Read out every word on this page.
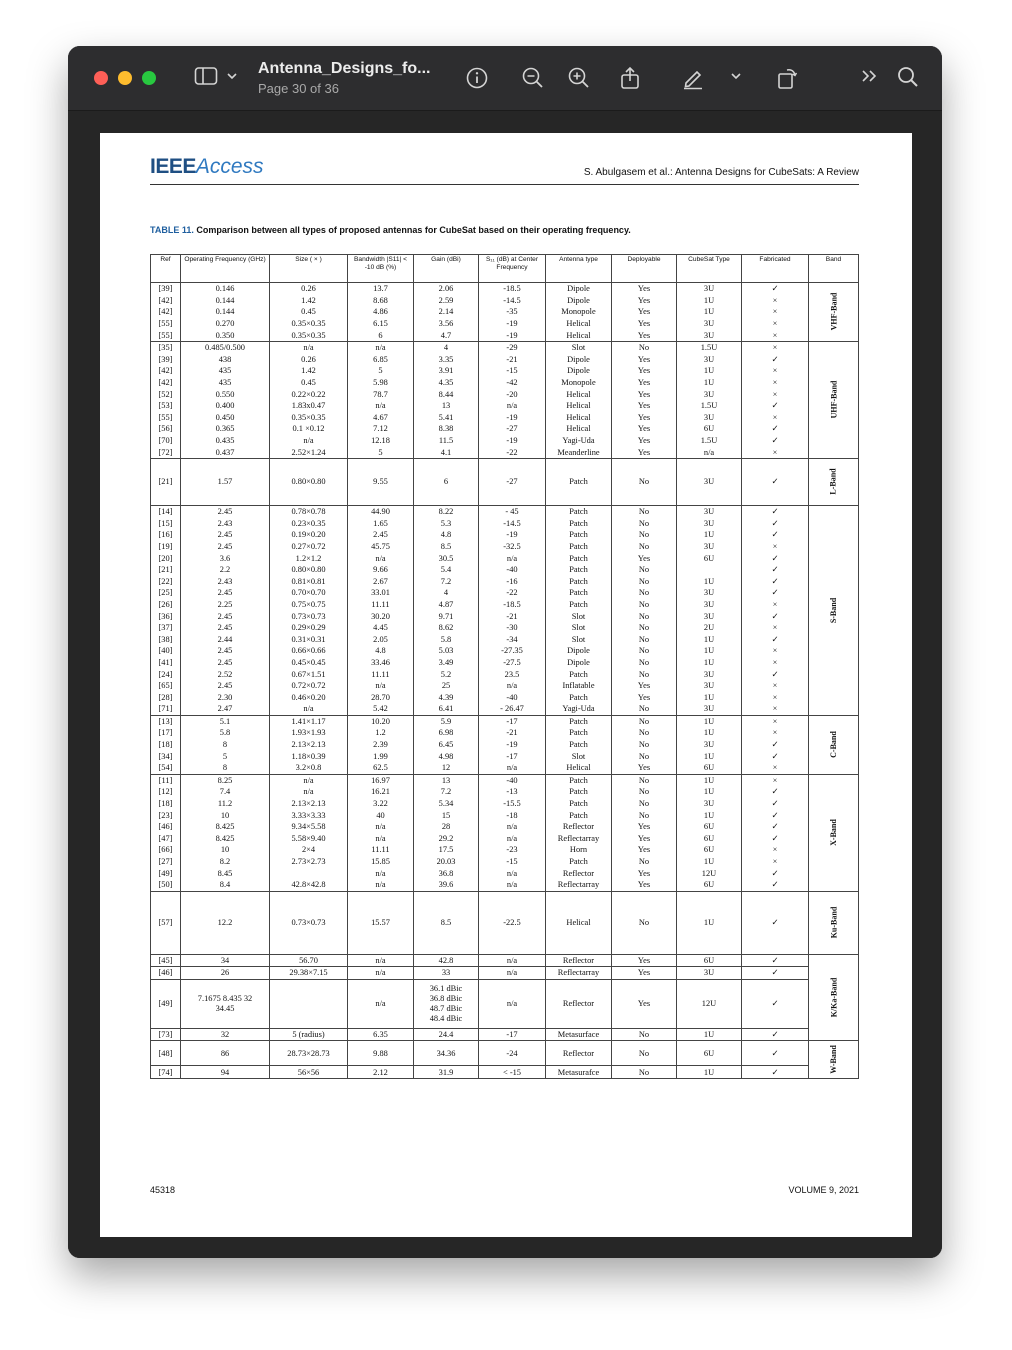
Antenna_Designs_fo...
Page 30 of 36
IEEEAccess	S. Abulgasem et al.: Antenna Designs for CubeSats: A Review
TABLE 11. Comparison between all types of proposed antennas for CubeSat based on their operating frequency.
Ref	Operating Frequency (GHz)	Size ( × )	Bandwidth |S11| < -10 dB (%)	Gain (dBi)	S₁₁ (dB) at Center Frequency	Antenna type	Deployable	CubeSat Type	Fabricated	Band
[39]	0.146	0.26	13.7	2.06	-18.5	Dipole	Yes	3U	✓	VHF-Band
[42]	0.144	1.42	8.68	2.59	-14.5	Dipole	Yes	1U	×	
[42]	0.144	0.45	4.86	2.14	-35	Monopole	Yes	1U	×	
[55]	0.270	0.35×0.35	6.15	3.56	-19	Helical	Yes	3U	×	
[55]	0.350	0.35×0.35	6	4.7	-19	Helical	Yes	3U	×	
[35]	0.485/0.500	n/a	n/a	4	-29	Slot	No	1.5U	×	UHF-Band
[39]	438	0.26	6.85	3.35	-21	Dipole	Yes	3U	✓	
[42]	435	1.42	5	3.91	-15	Dipole	Yes	1U	×	
[42]	435	0.45	5.98	4.35	-42	Monopole	Yes	1U	×	
[52]	0.550	0.22×0.22	78.7	8.44	-20	Helical	Yes	3U	×	
[53]	0.400	1.83x0.47	n/a	13	n/a	Helical	Yes	1.5U	✓	
[55]	0.450	0.35×0.35	4.67	5.41	-19	Helical	Yes	3U	×	
[56]	0.365	0.1 ×0.12	7.12	8.38	-27	Helical	Yes	6U	✓	
[70]	0.435	n/a	12.18	11.5	-19	Yagi-Uda	Yes	1.5U	✓	
[72]	0.437	2.52×1.24	5	4.1	-22	Meanderline	Yes	n/a	×	
[21]	1.57	0.80×0.80	9.55	6	-27	Patch	No	3U	✓	L-Band
[14]	2.45	0.78×0.78	44.90	8.22	- 45	Patch	No	3U	✓	S-Band
[15]	2.43	0.23×0.35	1.65	5.3	-14.5	Patch	No	3U	✓	
[16]	2.45	0.19×0.20	2.45	4.8	-19	Patch	No	1U	✓	
[19]	2.45	0.27×0.72	45.75	8.5	-32.5	Patch	No	3U	×	
[20]	3.6	1.2×1.2	n/a	30.5	n/a	Patch	Yes	6U	✓	
[21]	2.2	0.80×0.80	9.66	5.4	-40	Patch	No		✓	
[22]	2.43	0.81×0.81	2.67	7.2	-16	Patch	No	1U	✓	
[25]	2.45	0.70×0.70	33.01	4	-22	Patch	No	3U	✓	
[26]	2.25	0.75×0.75	11.11	4.87	-18.5	Patch	No	3U	×	
[36]	2.45	0.73×0.73	30.20	9.71	-21	Slot	No	3U	✓	
[37]	2.45	0.29×0.29	4.45	8.62	-30	Slot	No	2U	×	
[38]	2.44	0.31×0.31	2.05	5.8	-34	Slot	No	1U	✓	
[40]	2.45	0.66×0.66	4.8	5.03	-27.35	Dipole	No	1U	×	
[41]	2.45	0.45×0.45	33.46	3.49	-27.5	Dipole	No	1U	×	
[24]	2.52	0.67×1.51	11.11	5.2	23.5	Patch	No	3U	✓	
[65]	2.45	0.72×0.72	n/a	25	n/a	Inflatable	Yes	3U	×	
[28]	2.30	0.46×0.20	28.70	4.39	-40	Patch	Yes	1U	×	
[71]	2.47	n/a	5.42	6.41	- 26.47	Yagi-Uda	No	3U	×	
[13]	5.1	1.41×1.17	10.20	5.9	-17	Patch	No	1U	×	C-Band
[17]	5.8	1.93×1.93	1.2	6.98	-21	Patch	No	1U	×	
[18]	8	2.13×2.13	2.39	6.45	-19	Patch	No	3U	✓	
[34]	5	1.18×0.39	1.99	4.98	-17	Slot	No	1U	✓	
[54]	8	3.2×0.8	62.5	12	n/a	Helical	Yes	6U	×	
[11]	8.25	n/a	16.97	13	-40	Patch	No	1U	×	X-Band
[12]	7.4	n/a	16.21	7.2	-13	Patch	No	1U	✓	
[18]	11.2	2.13×2.13	3.22	5.34	-15.5	Patch	No	3U	✓	
[23]	10	3.33×3.33	40	15	-18	Patch	No	1U	✓	
[46]	8.425	9.34×5.58	n/a	28	n/a	Reflector	Yes	6U	✓	
[47]	8.425	5.58×9.40	n/a	29.2	n/a	Reflectarray	Yes	6U	✓	
[66]	10	2×4	11.11	17.5	-23	Horn	Yes	6U	×	
[27]	8.2	2.73×2.73	15.85	20.03	-15	Patch	No	1U	×	
[49]	8.45		n/a	36.8	n/a	Reflector	Yes	12U	✓	
[50]	8.4	42.8×42.8	n/a	39.6	n/a	Reflectarray	Yes	6U	✓	
[57]	12.2	0.73×0.73	15.57	8.5	-22.5	Helical	No	1U	✓	Ku-Band
[45]	34	56.70	n/a	42.8	n/a	Reflector	Yes	6U	✓	K/Ka-Band
[46]	26	29.38×7.15	n/a	33	n/a	Reflectarray	Yes	3U	✓	
[49]	7.1675 8.435 32 34.45		n/a	36.1 dBic 36.8 dBic 48.7 dBic 48.4 dBic	n/a	Reflector	Yes	12U	✓	
[73]	32	5 (radius)	6.35	24.4	-17	Metasurface	No	1U	✓	
[48]	86	28.73×28.73	9.88	34.36	-24	Reflector	No	6U	✓	W-Band
[74]	94	56×56	2.12	31.9	< -15	Metasurafce	No	1U	✓	
45318	VOLUME 9, 2021
